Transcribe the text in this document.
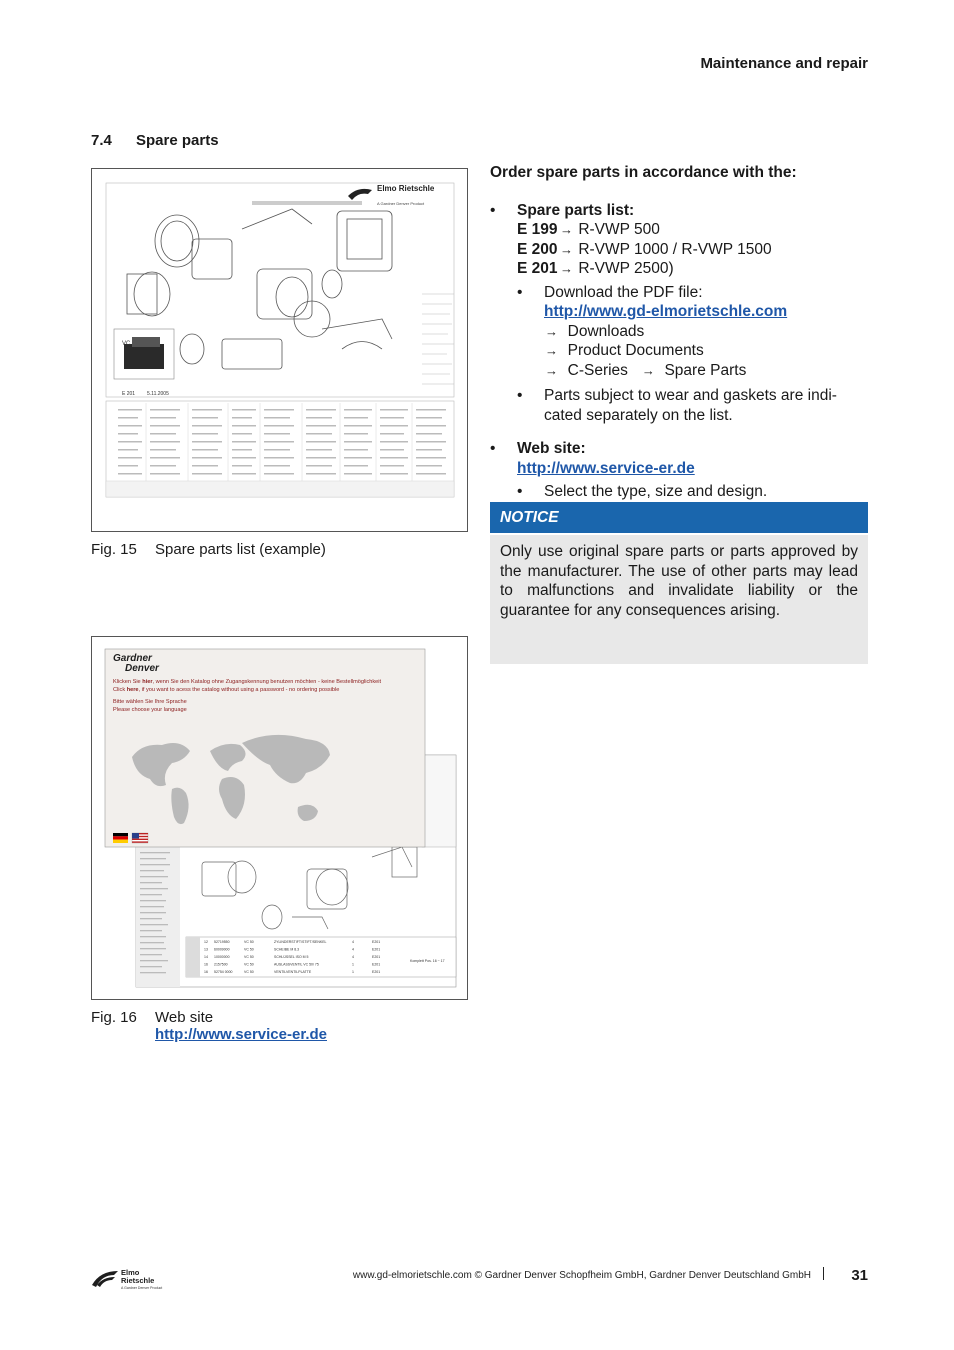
Maintenance and repair
7.4 Spare parts
VC
E 201 5.11.2005
Elmo Rietschle
A Gardner Denver Product
Fig. 15 Spare parts list (example)
12 52719550	VC 50	ZYLINDERSTIFT/STIFT/SENKEL	4	E201
13 60009000	VC 50	SCHEIBE M 8.3	4	E201
14 10000000	VC 50	SCHLÜSSEL ISO M 5	4	E201
16 2157500	VC 50	AUSLASSVENTIL VC 50/ 75	1	E201
16 52754 0000	VC 50	VENTILVENTILPLATTE	1	E201
Komplett Pos. 16 ~ 17
Gardner
Denver
Klicken Sie hier, wenn Sie den Katalog ohne Zugangskennung benutzen möchten - keine Bestellmöglichkeit
Click here, if you want to acess the catalog without using a password - no ordering possible
Bitte wählen Sie Ihre Sprache
Please choose your language
Fig. 16 Web site
http://www.service-er.de
Order spare parts in accordance with the:
• Spare parts list:
E 199 → R-VWP 500
E 200 → R-VWP 1000 / R-VWP 1500
E 201 → R-VWP 2500)
• Download the PDF file:
http://www.gd-elmorietschle.com
→ Downloads
→ Product Documents
→ C-Series → Spare Parts
• Parts subject to wear and gaskets are indicated separately on the list.
• Web site:
http://www.service-er.de
• Select the type, size and design.
NOTICE

Only use original spare parts or parts approved by the manufacturer. The use of other parts may lead to malfunctions and invalidate liability or the guarantee for any consequences arising.

Elmo
Rietschle
A Gardner Denver Product
www.gd-elmorietschle.com © Gardner Denver Schopfheim GmbH, Gardner Denver Deutschland GmbH	31
